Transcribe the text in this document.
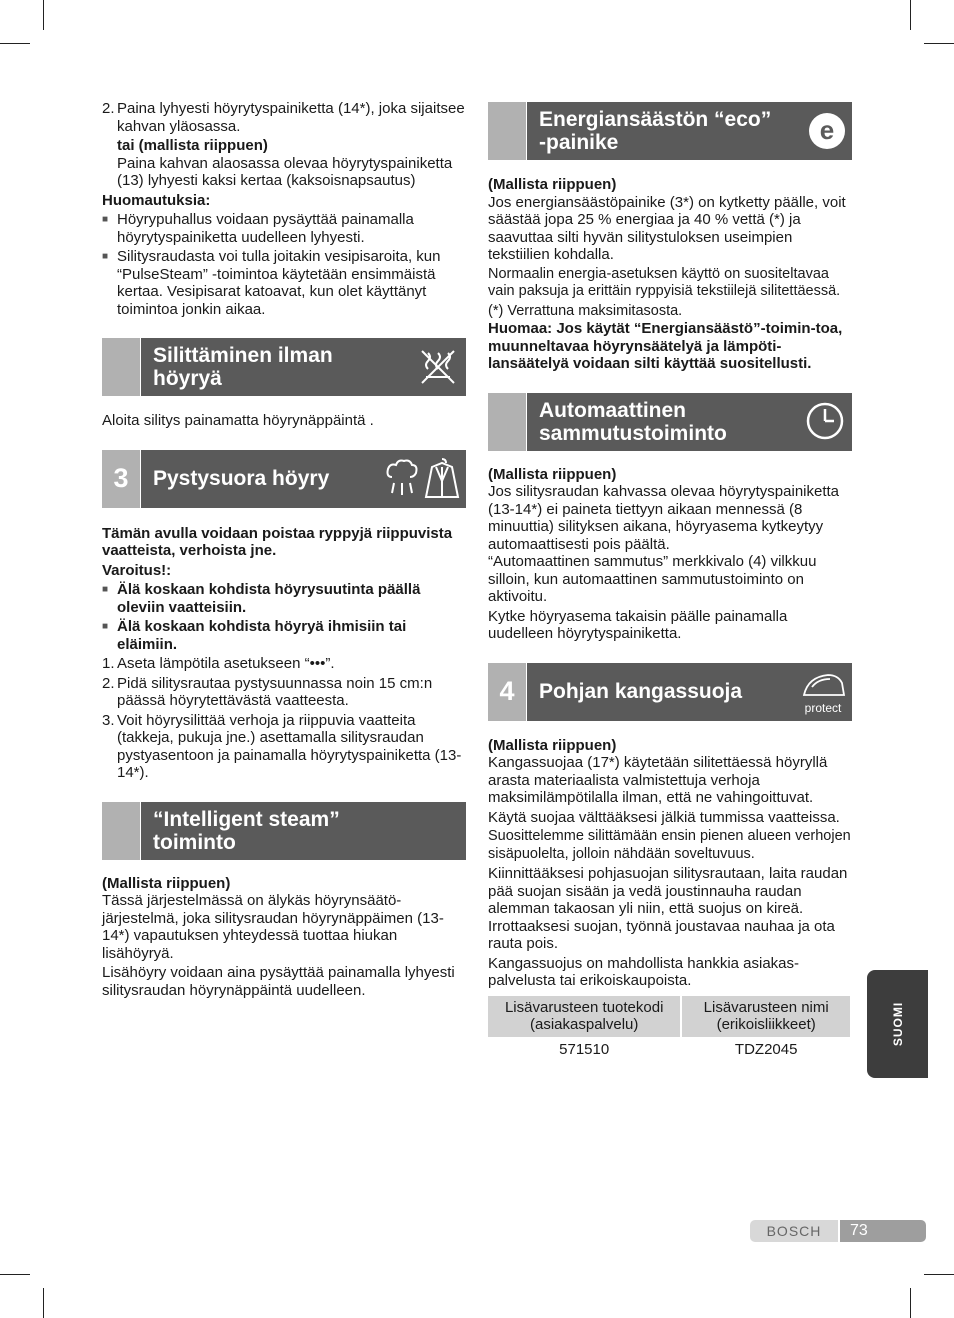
2. Paina lyhyesti höyrytyspainiketta (14*), joka sijaitsee kahvan yläosassa.

tai (mallista riippuen)

Paina kahvan alaosassa olevaa höyrytyspainiketta (13) lyhyesti kaksi kertaa (kaksoisnapsautus)

Huomautuksia:

■ Höyrypuhallus voidaan pysäyttää painamalla höyrytyspainiketta uudelleen lyhyesti.
■ Silitysraudasta voi tulla joitakin vesipisaroita, kun “PulseSteam” -toimintoa käytetään ensimmäistä kertaa. Vesipisarat katoavat, kun olet käyttänyt toimintoa jonkin aikaa.
Silittäminen ilman höyryä

Aloita silitys painamatta höyrynäppäintä .

3	Pystysuora höyry

Tämän avulla voidaan poistaa ryppyjä riippuvista vaatteista, verhoista jne.

Varoitus!:

■ Älä koskaan kohdista höyrysuutinta päällä oleviin vaatteisiin.
■ Älä koskaan kohdista höyryä ihmisiin tai eläimiin.
1. Aseta lämpötila asetukseen “•••”.
2. Pidä silitysrautaa pystysuunnassa noin 15 cm:n päässä höyrytettävästä vaatteesta.
3. Voit höyrysilittää verhoja ja riippuvia vaatteita (takkeja, pukuja jne.) asettamalla silitysraudan pystyasentoon ja painamalla höyrytyspainiketta (13-14*).
“Intelligent steam” toiminto

(Mallista riippuen)

Tässä järjestelmässä on älykäs höyrynsäätö-järjestelmä, joka silitysraudan höyrynäppäimen (13-14*) vapautuksen yhteydessä tuottaa hiukan lisähöyryä.

Lisähöyry voidaan aina pysäyttää painamalla lyhyesti silitysraudan höyrynäppäintä uudelleen.

Energiansäästön “eco” -painike	e

(Mallista riippuen)

Jos energiansäästöpainike (3*) on kytketty päälle, voit säästää jopa 25 % energiaa ja 40 % vettä (*) ja saavuttaa silti hyvän silitystuloksen useimpien tekstiilien kohdalla.

Normaalin energia-asetuksen käyttö on suositeltavaa vain paksuja ja erittäin ryppyisiä tekstiilejä silitettäessä.

(*) Verrattuna maksimitasosta.

Huomaa: Jos käytät “Energiansäästö”-toimin-toa, muunneltavaa höyrynsäätelyä ja lämpöti-lansäätelyä voidaan silti käyttää suositellusti.

Automaattinen sammutustoiminto

(Mallista riippuen)

Jos silitysraudan kahvassa olevaa höyrytyspainiketta (13-14*) ei paineta tiettyyn aikaan mennessä (8 minuuttia) silityksen aikana, höyryasema kytkeytyy automaattisesti pois päältä.

“Automaattinen sammutus” merkkivalo (4) vilkkuu silloin, kun automaattinen sammutustoiminto on aktivoitu.

Kytke höyryasema takaisin päälle painamalla uudelleen höyrytyspainiketta.

4	Pohjan kangassuoja
protect

(Mallista riippuen)

Kangassuojaa (17*) käytetään silitettäessä höyryllä arasta materiaalista valmistettuja verhoja maksimilämpötilalla ilman, että ne vahingoittuvat.

Käytä suojaa välttääksesi jälkiä tummissa vaatteissa.

Suosittelemme silittämään ensin pienen alueen verhojen sisäpuolelta, jolloin nähdään soveltuvuus.

Kiinnittääksesi pohjasuojan silitysrautaan, laita raudan pää suojan sisään ja vedä joustinnauha raudan alemman takaosan yli niin, että suojus on kireä. Irrottaaksesi suojan, työnnä joustavaa nauhaa ja ota rauta pois.

Kangassuojus on mahdollista hankkia asiakas-palvelusta tai erikoiskaupoista.

Lisävarusteen tuotekodi (asiakaspalvelu)	Lisävarusteen nimi (erikoisliikkeet)
571510	TDZ2045
SUOMI
BOSCH	73
